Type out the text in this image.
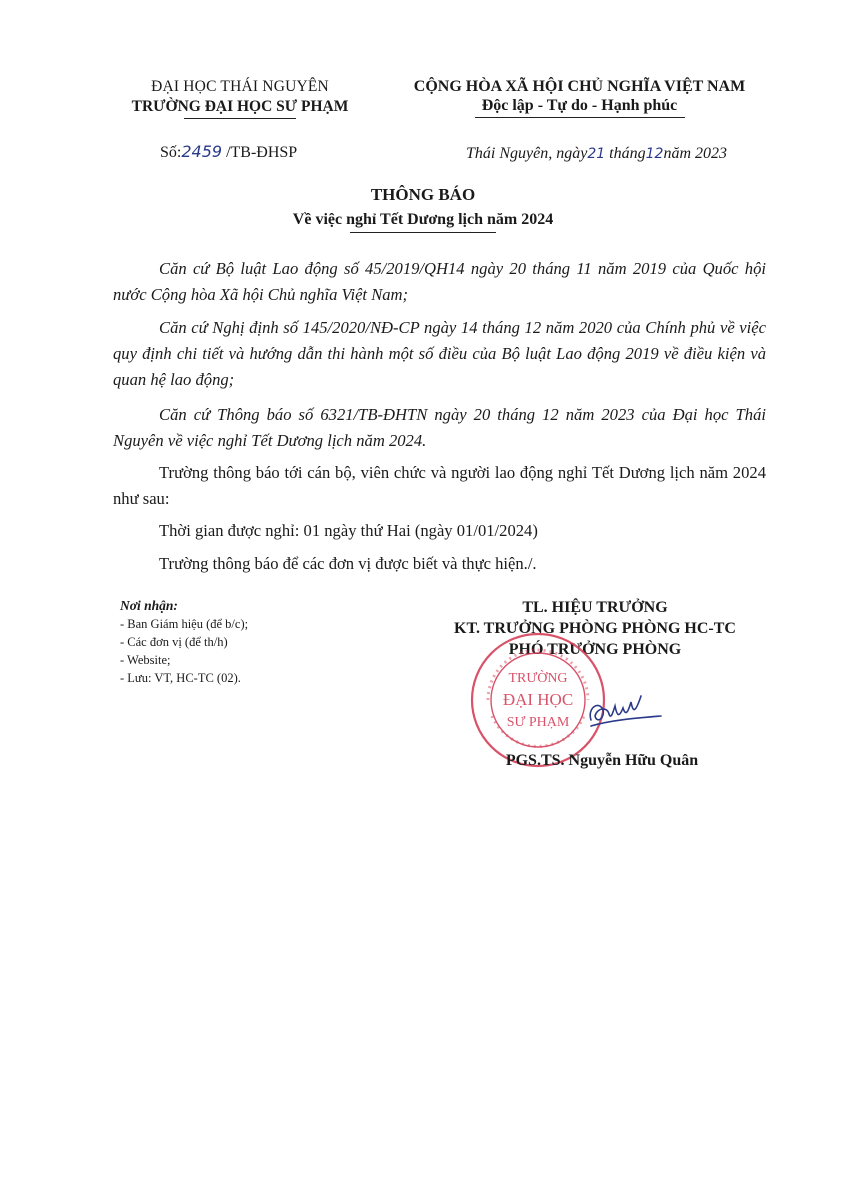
ĐẠI HỌC THÁI NGUYÊN
TRƯỜNG ĐẠI HỌC SƯ PHẠM
CỘNG HÒA XÃ HỘI CHỦ NGHĨA VIỆT NAM
Độc lập - Tự do - Hạnh phúc
Số:2459 /TB-ĐHSP	Thái Nguyên, ngày21 tháng12năm 2023
THÔNG BÁO
Về việc nghỉ Tết Dương lịch năm 2024
Căn cứ Bộ luật Lao động số 45/2019/QH14 ngày 20 tháng 11 năm 2019 của Quốc hội nước Cộng hòa Xã hội Chủ nghĩa Việt Nam;
Căn cứ Nghị định số 145/2020/NĐ-CP ngày 14 tháng 12 năm 2020 của Chính phủ về việc quy định chi tiết và hướng dẫn thi hành một số điều của Bộ luật Lao động 2019 về điều kiện và quan hệ lao động;
Căn cứ Thông báo số 6321/TB-ĐHTN ngày 20 tháng 12 năm 2023 của Đại học Thái Nguyên về việc nghỉ Tết Dương lịch năm 2024.
Trường thông báo tới cán bộ, viên chức và người lao động nghỉ Tết Dương lịch năm 2024 như sau:
Thời gian được nghỉ: 01 ngày thứ Hai (ngày 01/01/2024)
Trường thông báo để các đơn vị được biết và thực hiện./.
Nơi nhận:
- Ban Giám hiệu (để b/c);
- Các đơn vị (để th/h)
- Website;
- Lưu: VT, HC-TC (02).
TL. HIỆU TRƯỞNG
KT. TRƯỞNG PHÒNG PHÒNG HC-TC
PHÓ TRƯỞNG PHÒNG
TRƯỜNG
ĐẠI HỌC
SƯ PHẠM
PGS.TS. Nguyễn Hữu Quân
